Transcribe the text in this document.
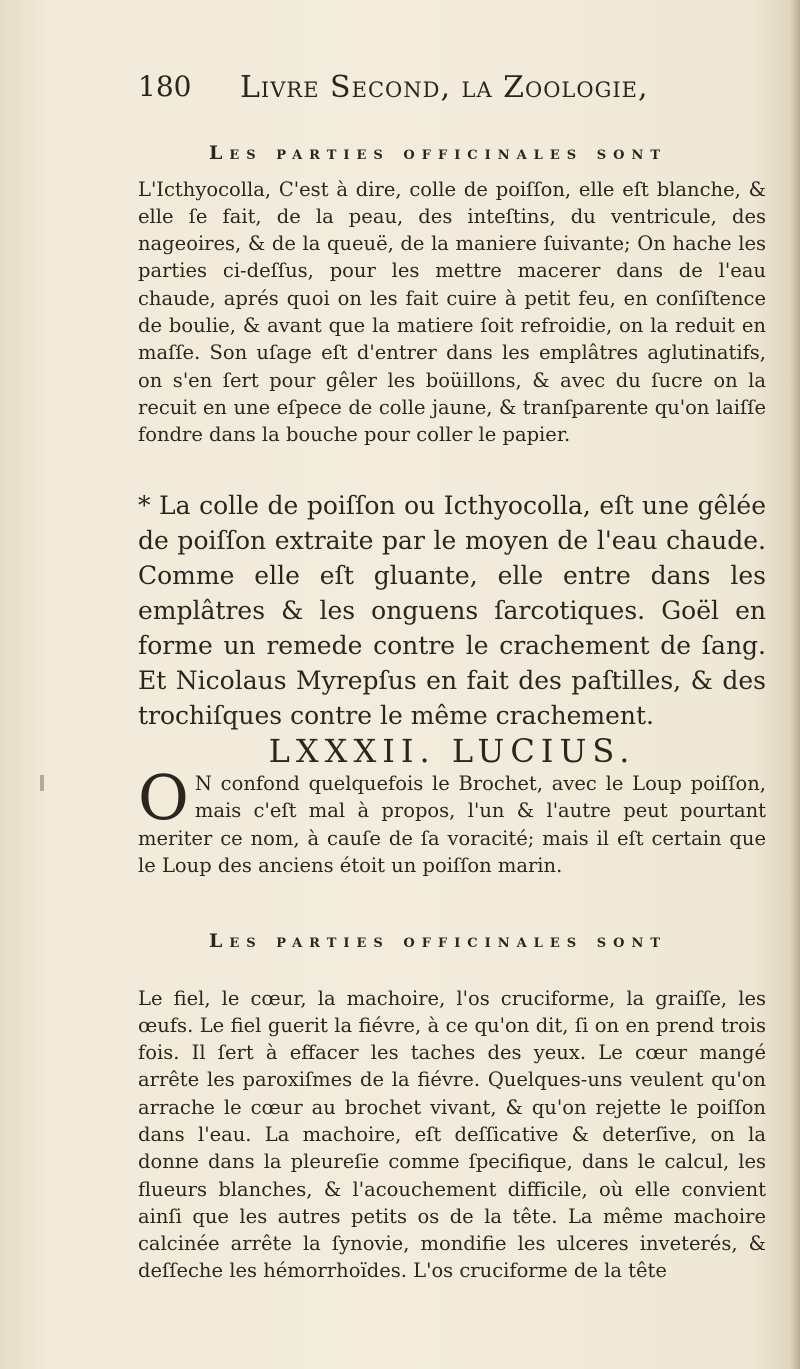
180 Livre Second, la Zoologie,
Les parties officinales sont

L'Icthyocolla, C'est à dire, colle de poiſſon, elle eſt blanche, & elle ſe fait, de la peau, des inteſtins, du ventricule, des nageoires, & de la queuë, de la maniere ſuivante; On hache les parties ci-deſſus, pour les mettre macerer dans de l'eau chaude, aprés quoi on les fait cuire à petit feu, en conſiſtence de boulie, & avant que la matiere ſoit refroidie, on la reduit en maſſe. Son uſage eſt d'entrer dans les emplâtres aglutinatifs, on s'en ſert pour gêler les boüillons, & avec du ſucre on la recuit en une eſpece de colle jaune, & tranſparente qu'on laiſſe fondre dans la bouche pour coller le papier.

* La colle de poiſſon ou Icthyocolla, eſt une gêlée de poiſſon extraite par le moyen de l'eau chaude. Comme elle eſt gluante, elle entre dans les emplâtres & les onguens ſarcotiques. Goël en forme un remede contre le crachement de ſang. Et Nicolaus Myrepſus en fait des paſtilles, & des trochiſques contre le même crachement.

LXXXII. LUCIUS.
O N confond quelquefois le Brochet, avec le Loup poiſſon, mais c'eſt mal à propos, l'un & l'autre peut pourtant meriter ce nom, à cauſe de ſa voracité; mais il eſt certain que le Loup des anciens étoit un poiſſon marin.
Les parties officinales sont

Le fiel, le cœur, la machoire, l'os cruciforme, la graiſſe, les œufs. Le fiel guerit la fiévre, à ce qu'on dit, ſi on en prend trois fois. Il ſert à effacer les taches des yeux. Le cœur mangé arrête les paroxiſmes de la fiévre. Quelques-uns veulent qu'on arrache le cœur au brochet vivant, & qu'on rejette le poiſſon dans l'eau. La machoire, eſt deſſicative & deterſive, on la donne dans la pleureſie comme ſpecifique, dans le calcul, les flueurs blanches, & l'acouchement difficile, où elle convient ainſi que les autres petits os de la tête. La même machoire calcinée arrête la ſynovie, mondifie les ulceres inveterés, & deſſeche les hémorrhoïdes. L'os cruciforme de la tête
